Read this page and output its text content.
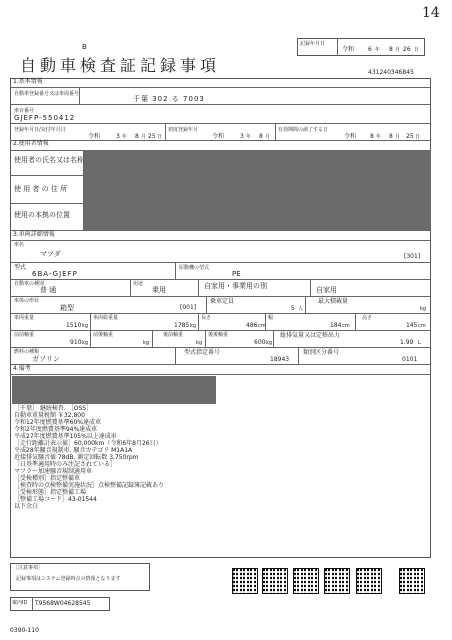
14
記録年月日
令和 6 年 8 月 26 日
B
自動車検査証記録事項	431240346845
1.基本情報
自動車登録番号又は車両番号
千葉 302 る 7003
車台番号
GJEFP-550412
登録年月日/交付年月日
令和	3 年 8 月 25 日
初度登録年月
令和	3 年 8 月
有効期間の満了する日
令和 8 年 8 月 25 日
2.使用者情報
使用者の氏名又は名称
使 用 者 の 住 所
使用の本拠の位置
3.車両詳細情報
車名
マツダ	[301]
型式
6BA-GJEFP
原動機の型式
PE
自動車の種別
普 通
用途
乗用	自家用・事業用の別	自家用
車体の形状
箱型	[001]
乗車定員
5 人
最大積載量
kg
車両重量
1510 kg
車両総重量
1785 kg
長さ
486 cm
幅
184 cm
高さ
145 cm
前前軸重
910 kg
前後軸重
kg
後前軸重
kg
後後軸重
600 kg
総排気量又は定格出力
1.99 L
燃料の種類
ガソリン
型式指定番号
18943
類別区分番号
0101
4.備考
［千葉］ 継続検査. ［OSS］
自動車重量税額 ￥32,800
令和12年度燃費基準60%達成車
令和2年度燃費基準94%達成車
平成27年度燃費基準105%以上達成車
［走行距離計表示値］60,000km（令和6年8月26日）
平成28年騒音規制車. 騒音カテゴリ M1A1A
近接排気騒音値 78dB. 測定回転数 3,750rpm
［日基準適用時のみ注記されている］
マフラー加速騒音規制適用車
［受検種別］指定整備車
［検査時の点検整備実施状況］点検整備記録簿記載あり
［受検形態］指定整備工場
［整備工場コード］43-01544
以下余白
［注意事項］
記録事項はシステム登録時点の情報となります
案内ID T9568W04628545
0390-110
